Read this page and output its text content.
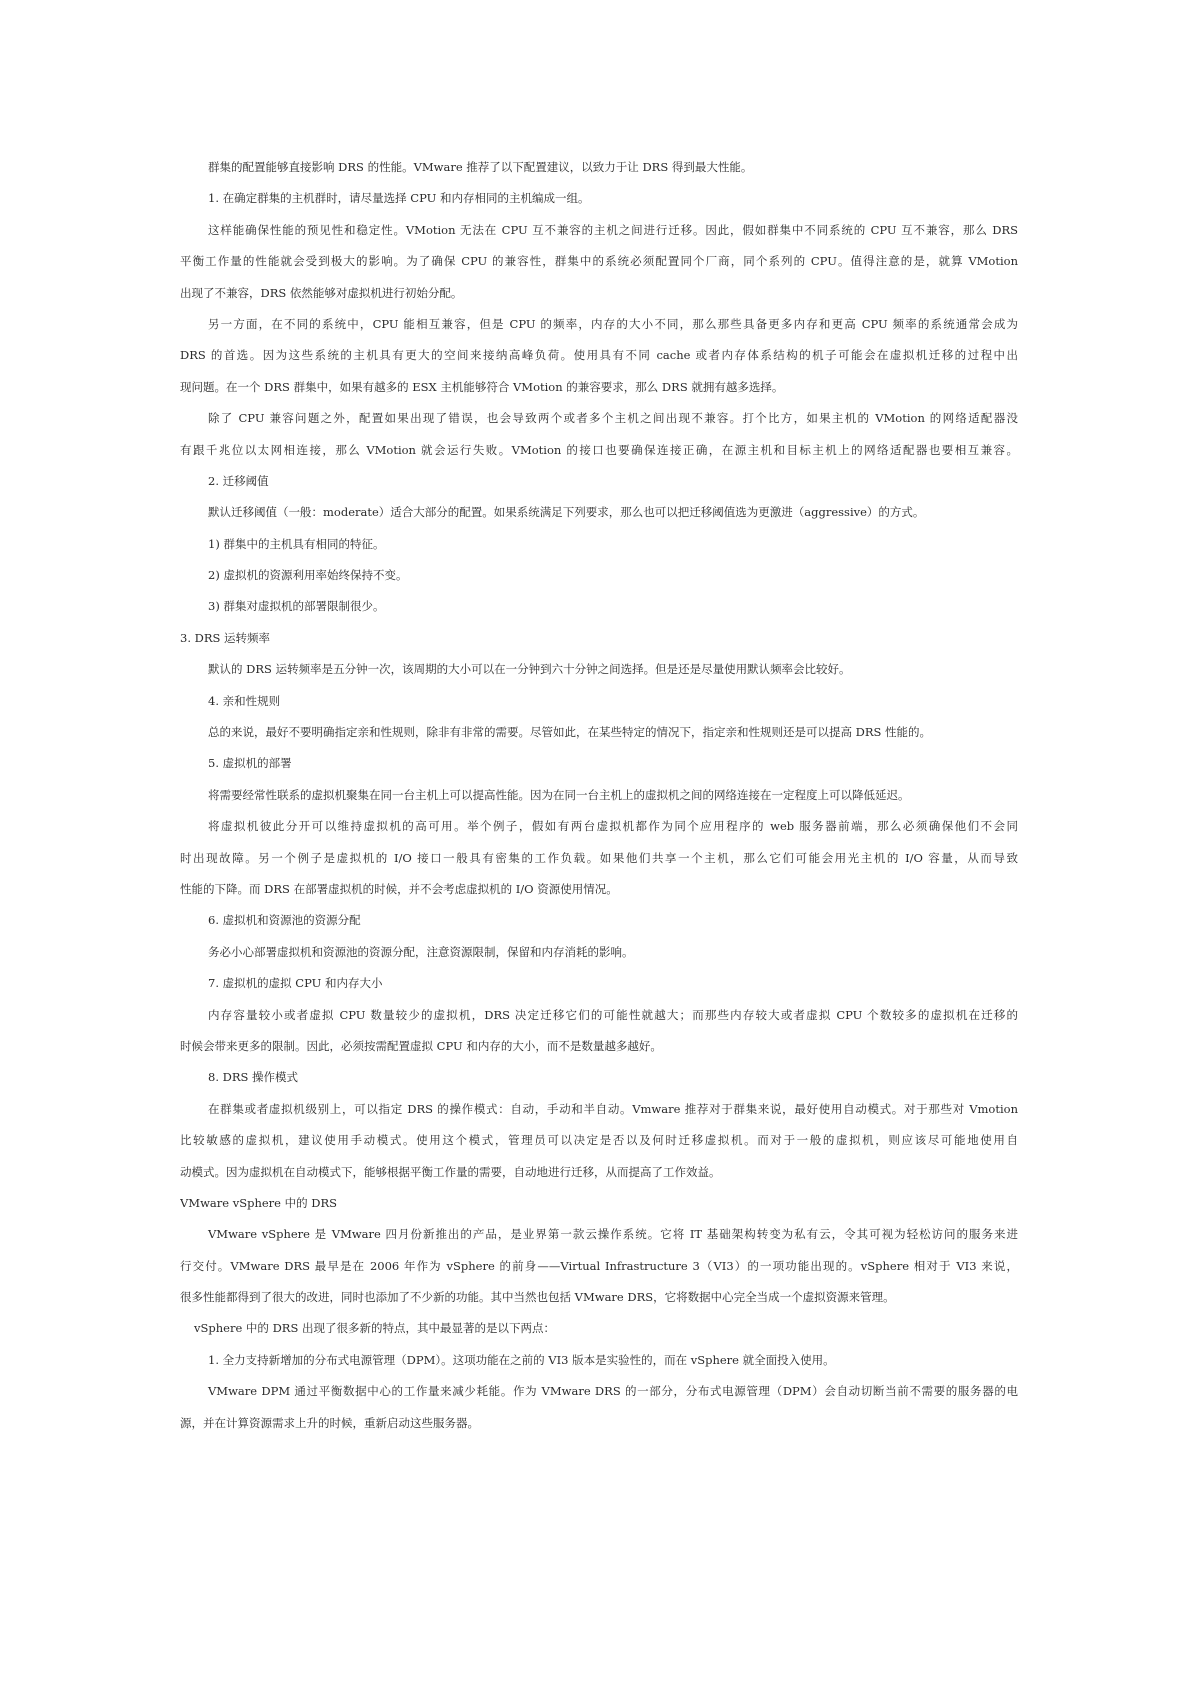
群集的配置能够直接影响 DRS 的性能。VMware 推荐了以下配置建议，以致力于让 DRS 得到最大性能。
1. 在确定群集的主机群时，请尽量选择 CPU 和内存相同的主机编成一组。
这样能确保性能的预见性和稳定性。VMotion 无法在 CPU 互不兼容的主机之间进行迁移。因此，假如群集中不同系统的 CPU 互不兼容，那么 DRS
平衡工作量的性能就会受到极大的影响。为了确保 CPU 的兼容性，群集中的系统必须配置同个厂商，同个系列的 CPU。值得注意的是，就算 VMotion
出现了不兼容，DRS 依然能够对虚拟机进行初始分配。
另一方面，在不同的系统中，CPU 能相互兼容，但是 CPU 的频率，内存的大小不同，那么那些具备更多内存和更高 CPU 频率的系统通常会成为
DRS 的首选。因为这些系统的主机具有更大的空间来接纳高峰负荷。使用具有不同 cache 或者内存体系结构的机子可能会在虚拟机迁移的过程中出
现问题。在一个 DRS 群集中，如果有越多的 ESX 主机能够符合 VMotion 的兼容要求，那么 DRS 就拥有越多选择。
除了 CPU 兼容问题之外，配置如果出现了错误，也会导致两个或者多个主机之间出现不兼容。打个比方，如果主机的 VMotion 的网络适配器没
有跟千兆位以太网相连接，那么 VMotion 就会运行失败。VMotion 的接口也要确保连接正确，在源主机和目标主机上的网络适配器也要相互兼容。
2. 迁移阈值
默认迁移阈值（一般：moderate）适合大部分的配置。如果系统满足下列要求，那么也可以把迁移阈值选为更激进（aggressive）的方式。
1) 群集中的主机具有相同的特征。
2) 虚拟机的资源利用率始终保持不变。
3) 群集对虚拟机的部署限制很少。
3. DRS 运转频率
默认的 DRS 运转频率是五分钟一次，该周期的大小可以在一分钟到六十分钟之间选择。但是还是尽量使用默认频率会比较好。
4. 亲和性规则
总的来说，最好不要明确指定亲和性规则，除非有非常的需要。尽管如此，在某些特定的情况下，指定亲和性规则还是可以提高 DRS 性能的。
5. 虚拟机的部署
将需要经常性联系的虚拟机聚集在同一台主机上可以提高性能。因为在同一台主机上的虚拟机之间的网络连接在一定程度上可以降低延迟。
将虚拟机彼此分开可以维持虚拟机的高可用。举个例子，假如有两台虚拟机都作为同个应用程序的 web 服务器前端，那么必须确保他们不会同
时出现故障。另一个例子是虚拟机的 I/O 接口一般具有密集的工作负载。如果他们共享一个主机，那么它们可能会用光主机的 I/O 容量，从而导致
性能的下降。而 DRS 在部署虚拟机的时候，并不会考虑虚拟机的 I/O 资源使用情况。
6. 虚拟机和资源池的资源分配
务必小心部署虚拟机和资源池的资源分配，注意资源限制，保留和内存消耗的影响。
7. 虚拟机的虚拟 CPU 和内存大小
内存容量较小或者虚拟 CPU 数量较少的虚拟机，DRS 决定迁移它们的可能性就越大；而那些内存较大或者虚拟 CPU 个数较多的虚拟机在迁移的
时候会带来更多的限制。因此，必须按需配置虚拟 CPU 和内存的大小，而不是数量越多越好。
8. DRS 操作模式
在群集或者虚拟机级别上，可以指定 DRS 的操作模式：自动，手动和半自动。Vmware 推荐对于群集来说，最好使用自动模式。对于那些对 Vmotion
比较敏感的虚拟机，建议使用手动模式。使用这个模式，管理员可以决定是否以及何时迁移虚拟机。而对于一般的虚拟机，则应该尽可能地使用自
动模式。因为虚拟机在自动模式下，能够根据平衡工作量的需要，自动地进行迁移，从而提高了工作效益。
VMware vSphere 中的 DRS
VMware vSphere 是 VMware 四月份新推出的产品，是业界第一款云操作系统。它将 IT 基础架构转变为私有云，令其可视为轻松访问的服务来进
行交付。VMware DRS 最早是在 2006 年作为 vSphere 的前身——Virtual Infrastructure 3（VI3）的一项功能出现的。vSphere 相对于 VI3 来说，
很多性能都得到了很大的改进，同时也添加了不少新的功能。其中当然也包括 VMware DRS，它将数据中心完全当成一个虚拟资源来管理。
vSphere 中的 DRS 出现了很多新的特点，其中最显著的是以下两点：
1. 全力支持新增加的分布式电源管理（DPM）。这项功能在之前的 VI3 版本是实验性的，而在 vSphere 就全面投入使用。
VMware DPM 通过平衡数据中心的工作量来减少耗能。作为 VMware DRS 的一部分，分布式电源管理（DPM）会自动切断当前不需要的服务器的电
源，并在计算资源需求上升的时候，重新启动这些服务器。
